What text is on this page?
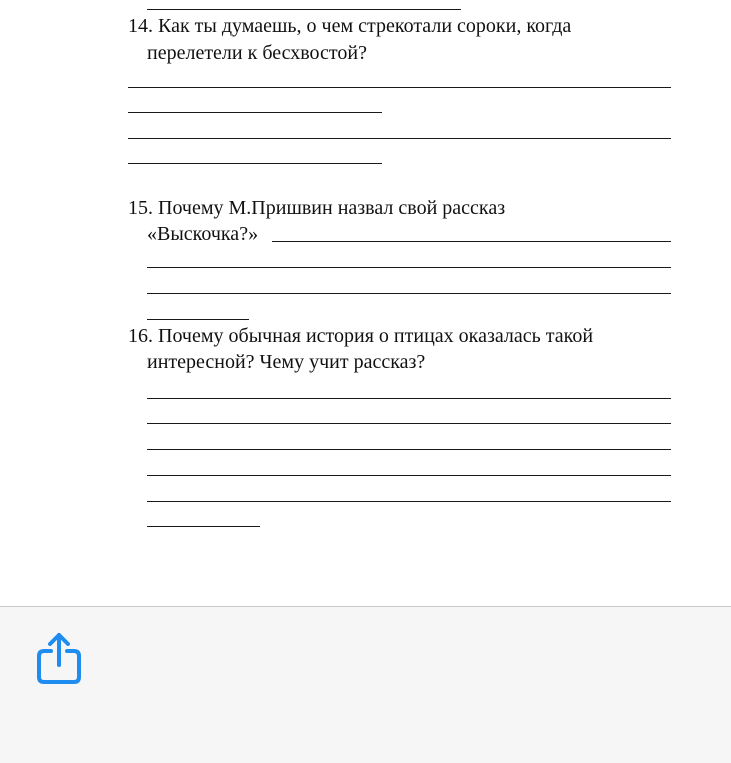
14. Как ты думаешь, о чем стрекотали сороки, когда
перелетели к бесхвостой?
15. Почему М.Пришвин назвал свой рассказ
«Выскочка?»
16. Почему обычная история о птицах оказалась такой
интересной? Чему учит рассказ?
